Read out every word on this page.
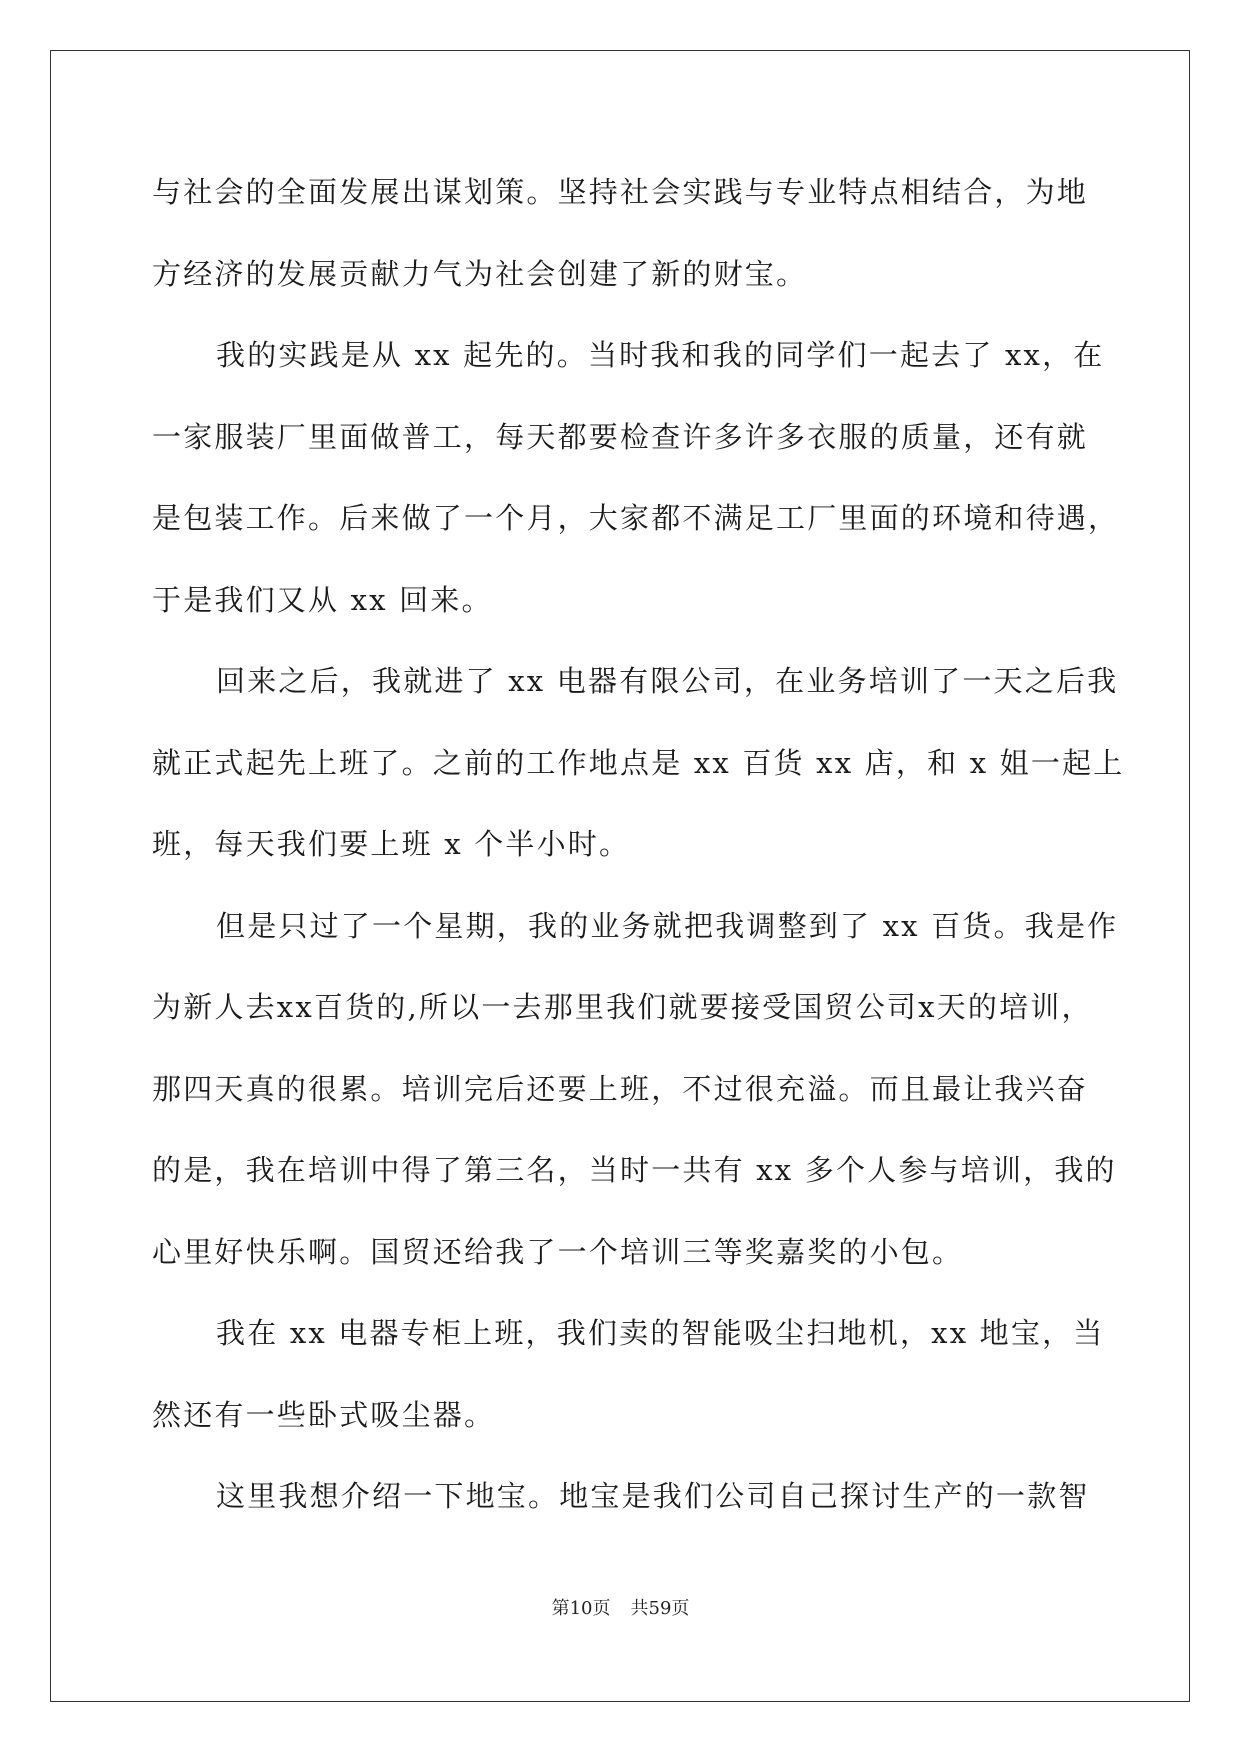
与社会的全面发展出谋划策。坚持社会实践与专业特点相结合，为地
方经济的发展贡献力气为社会创建了新的财宝。
我的实践是从 xx 起先的。当时我和我的同学们一起去了 xx，在
一家服装厂里面做普工，每天都要检查许多许多衣服的质量，还有就
是包装工作。后来做了一个月，大家都不满足工厂里面的环境和待遇，
于是我们又从 xx 回来。
回来之后，我就进了 xx 电器有限公司，在业务培训了一天之后我
就正式起先上班了。之前的工作地点是 xx 百货 xx 店，和 x 姐一起上
班，每天我们要上班 x 个半小时。
但是只过了一个星期，我的业务就把我调整到了 xx 百货。我是作
为新人去xx百货的,所以一去那里我们就要接受国贸公司x天的培训，
那四天真的很累。培训完后还要上班，不过很充溢。而且最让我兴奋
的是，我在培训中得了第三名，当时一共有 xx 多个人参与培训，我的
心里好快乐啊。国贸还给我了一个培训三等奖嘉奖的小包。
我在 xx 电器专柜上班，我们卖的智能吸尘扫地机，xx 地宝，当
然还有一些卧式吸尘器。
这里我想介绍一下地宝。地宝是我们公司自己探讨生产的一款智
第10页 共59页
